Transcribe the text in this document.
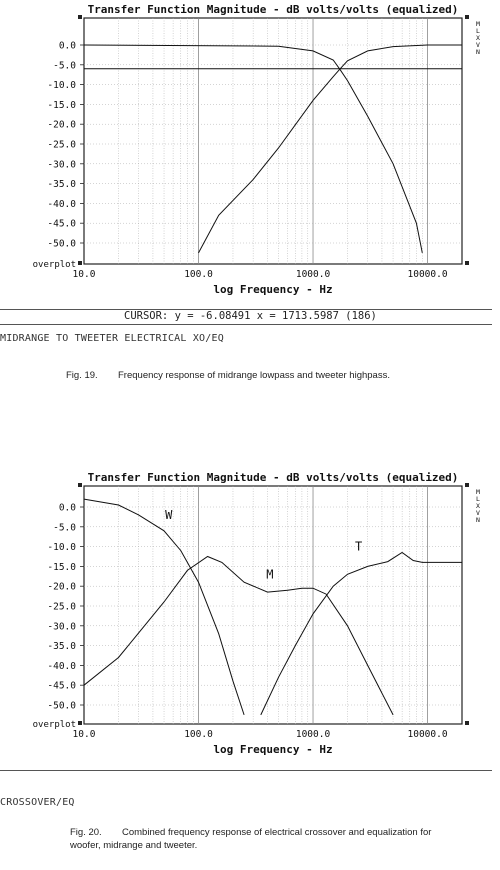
Transfer Function Magnitude - dB volts/volts (equalized)
0.0
-5.0
-10.0
-15.0
-20.0
-25.0
-30.0
-35.0
-40.0
-45.0
-50.0
overplot
M
L
X
V
N
10.0	100.0	1000.0	10000.0
log Frequency - Hz
CURSOR: y = -6.08491 x = 1713.5987 (186)
MIDRANGE TO TWEETER ELECTRICAL XO/EQ
Fig. 19. Frequency response of midrange lowpass and tweeter highpass.
Transfer Function Magnitude - dB volts/volts (equalized)
0.0
-5.0
-10.0
-15.0
-20.0
-25.0
-30.0
-35.0
-40.0
-45.0
-50.0
overplot
M
L
X
V
N
10.0	100.0	1000.0	10000.0
log Frequency - Hz
W
M
T
CROSSOVER/EQ
Fig. 20. Combined frequency response of electrical crossover and equalization for woofer, midrange and tweeter.
